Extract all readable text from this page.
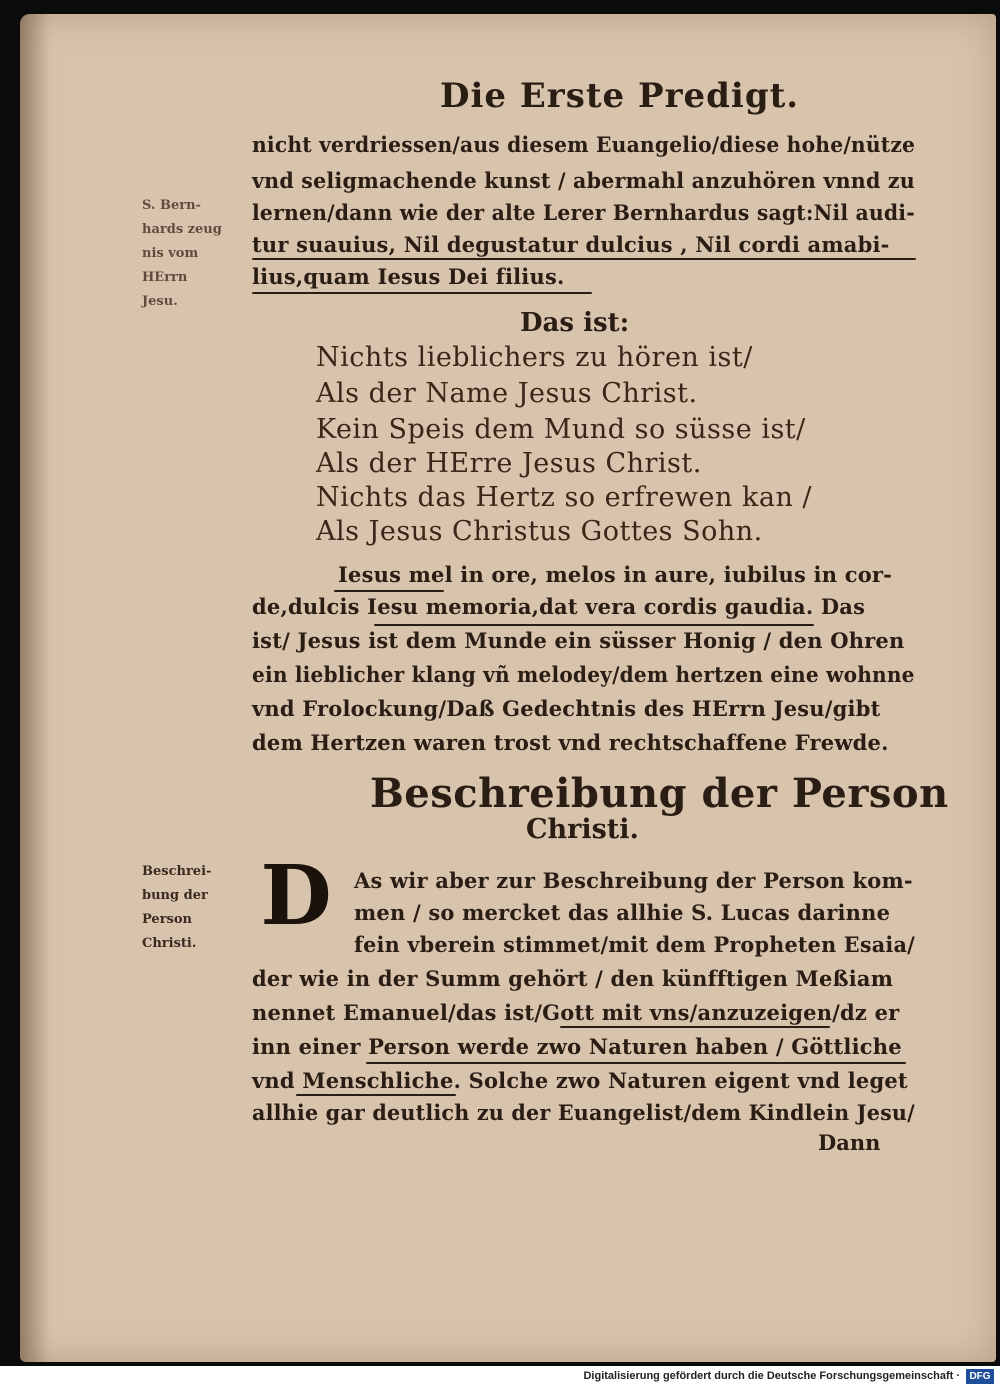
Die Erste Predigt.
nicht verdriessen/aus diesem Euangelio/diese hohe/nütze
vnd seligmachende kunst / abermahl anzuhören vnnd zu
lernen/dann wie der alte Lerer Bernhardus sagt:Nil audi-
tur suauius, Nil degustatur dulcius , Nil cordi amabi-
lius,quam Iesus Dei filius.
S. Bern-
hards zeug
nis vom
HErrn
Jesu.
Das ist:
Nichts lieblichers zu hören ist/
Als der Name Jesus Christ.
Kein Speis dem Mund so süsse ist/
Als der HErre Jesus Christ.
Nichts das Hertz so erfrewen kan /
Als Jesus Christus Gottes Sohn.
Iesus mel in ore, melos in aure, iubilus in cor-
de,dulcis Iesu memoria,dat vera cordis gaudia. Das
ist/ Jesus ist dem Munde ein süsser Honig / den Ohren
ein lieblicher klang vñ melodey/dem hertzen eine wohnne
vnd Frolockung/Daß Gedechtnis des HErrn Jesu/gibt
dem Hertzen waren trost vnd rechtschaffene Frewde.
Beschreibung der Person
Christi.
Beschrei-
bung der
Person
Christi. D	As wir aber zur Beschreibung der Person kom-
men / so mercket das allhie S. Lucas darinne
fein vberein stimmet/mit dem Propheten Esaia/
der wie in der Summ gehört / den künfftigen Meßiam
nennet Emanuel/das ist/Gott mit vns/anzuzeigen/dz er
inn einer Person werde zwo Naturen haben / Göttliche
vnd Menschliche. Solche zwo Naturen eigent vnd leget
allhie gar deutlich zu der Euangelist/dem Kindlein Jesu/
Dann
Digitalisierung gefördert durch die Deutsche Forschungsgemeinschaft · DFG
